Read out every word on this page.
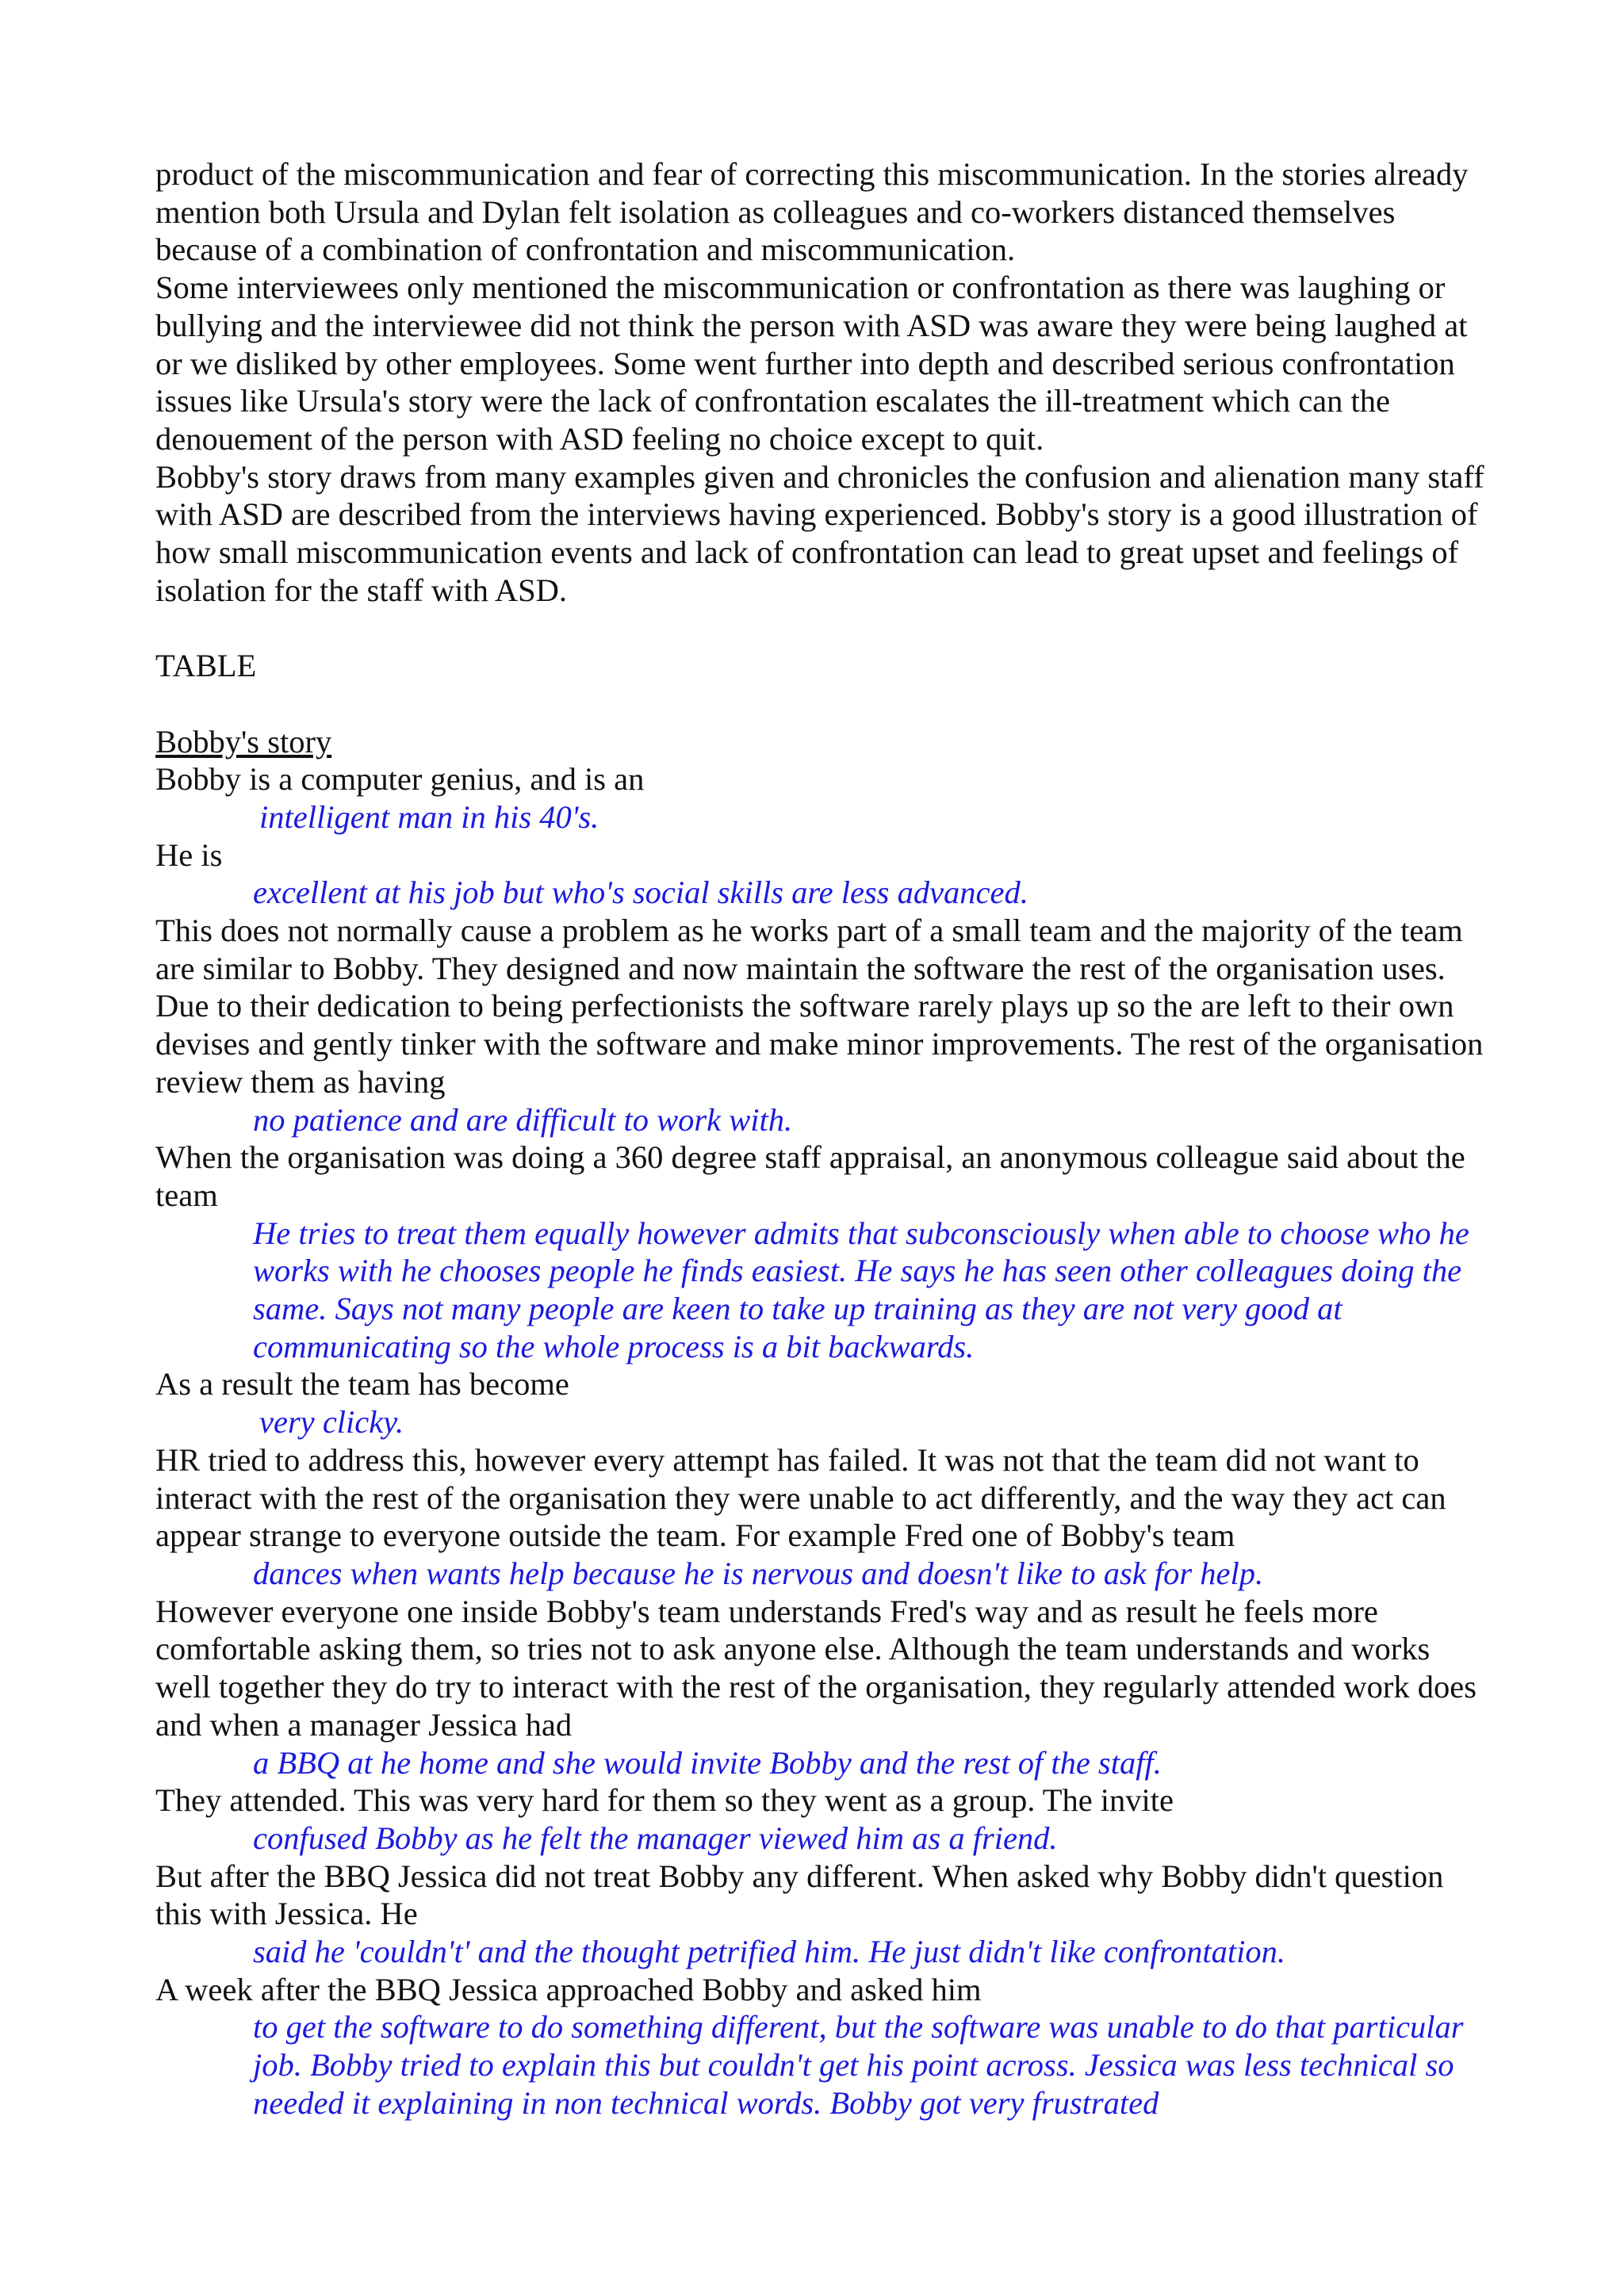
product of the miscommunication and fear of correcting this miscommunication. In the stories already mention both Ursula and Dylan felt isolation as colleagues and co-workers distanced themselves because of a combination of confrontation and miscommunication.

Some interviewees only mentioned the miscommunication or confrontation as there was laughing or bullying and the interviewee did not think the person with ASD was aware they were being laughed at or we disliked by other employees. Some went further into depth and described serious confrontation issues like Ursula's story were the lack of confrontation escalates the ill-treatment which can the denouement of the person with ASD feeling no choice except to quit.

Bobby's story draws from many examples given and chronicles the confusion and alienation many staff with ASD are described from the interviews having experienced. Bobby's story is a good illustration of how small miscommunication events and lack of confrontation can lead to great upset and feelings of isolation for the staff with ASD.

TABLE

Bobby's story

Bobby is a computer genius, and is an

intelligent man in his 40's.

He is

excellent at his job but who's social skills are less advanced.

This does not normally cause a problem as he works part of a small team and the majority of the team are similar to Bobby. They designed and now maintain the software the rest of the organisation uses. Due to their dedication to being perfectionists the software rarely plays up so the are left to their own devises and gently tinker with the software and make minor improvements. The rest of the organisation review them as having

no patience and are difficult to work with.

When the organisation was doing a 360 degree staff appraisal, an anonymous colleague said about the team

He tries to treat them equally however admits that subconsciously when able to choose who he works with he chooses people he finds easiest. He says he has seen other colleagues doing the same. Says not many people are keen to take up training as they are not very good at communicating so the whole process is a bit backwards.

As a result the team has become

very clicky.

HR tried to address this, however every attempt has failed. It was not that the team did not want to interact with the rest of the organisation they were unable to act differently, and the way they act can appear strange to everyone outside the team. For example Fred one of Bobby's team

dances when wants help because he is nervous and doesn't like to ask for help.

However everyone one inside Bobby's team understands Fred's way and as result he feels more comfortable asking them, so tries not to ask anyone else. Although the team understands and works well together they do try to interact with the rest of the organisation, they regularly attended work does and when a manager Jessica had

a BBQ at he home and she would invite Bobby and the rest of the staff.

They attended. This was very hard for them so they went as a group. The invite

confused Bobby as he felt the manager viewed him as a friend.

But after the BBQ Jessica did not treat Bobby any different. When asked why Bobby didn't question this with Jessica. He

said he 'couldn't' and the thought petrified him. He just didn't like confrontation.

A week after the BBQ Jessica approached Bobby and asked him

to get the software to do something different, but the software was unable to do that particular job. Bobby tried to explain this but couldn't get his point across. Jessica was less technical so needed it explaining in non technical words. Bobby got very frustrated
